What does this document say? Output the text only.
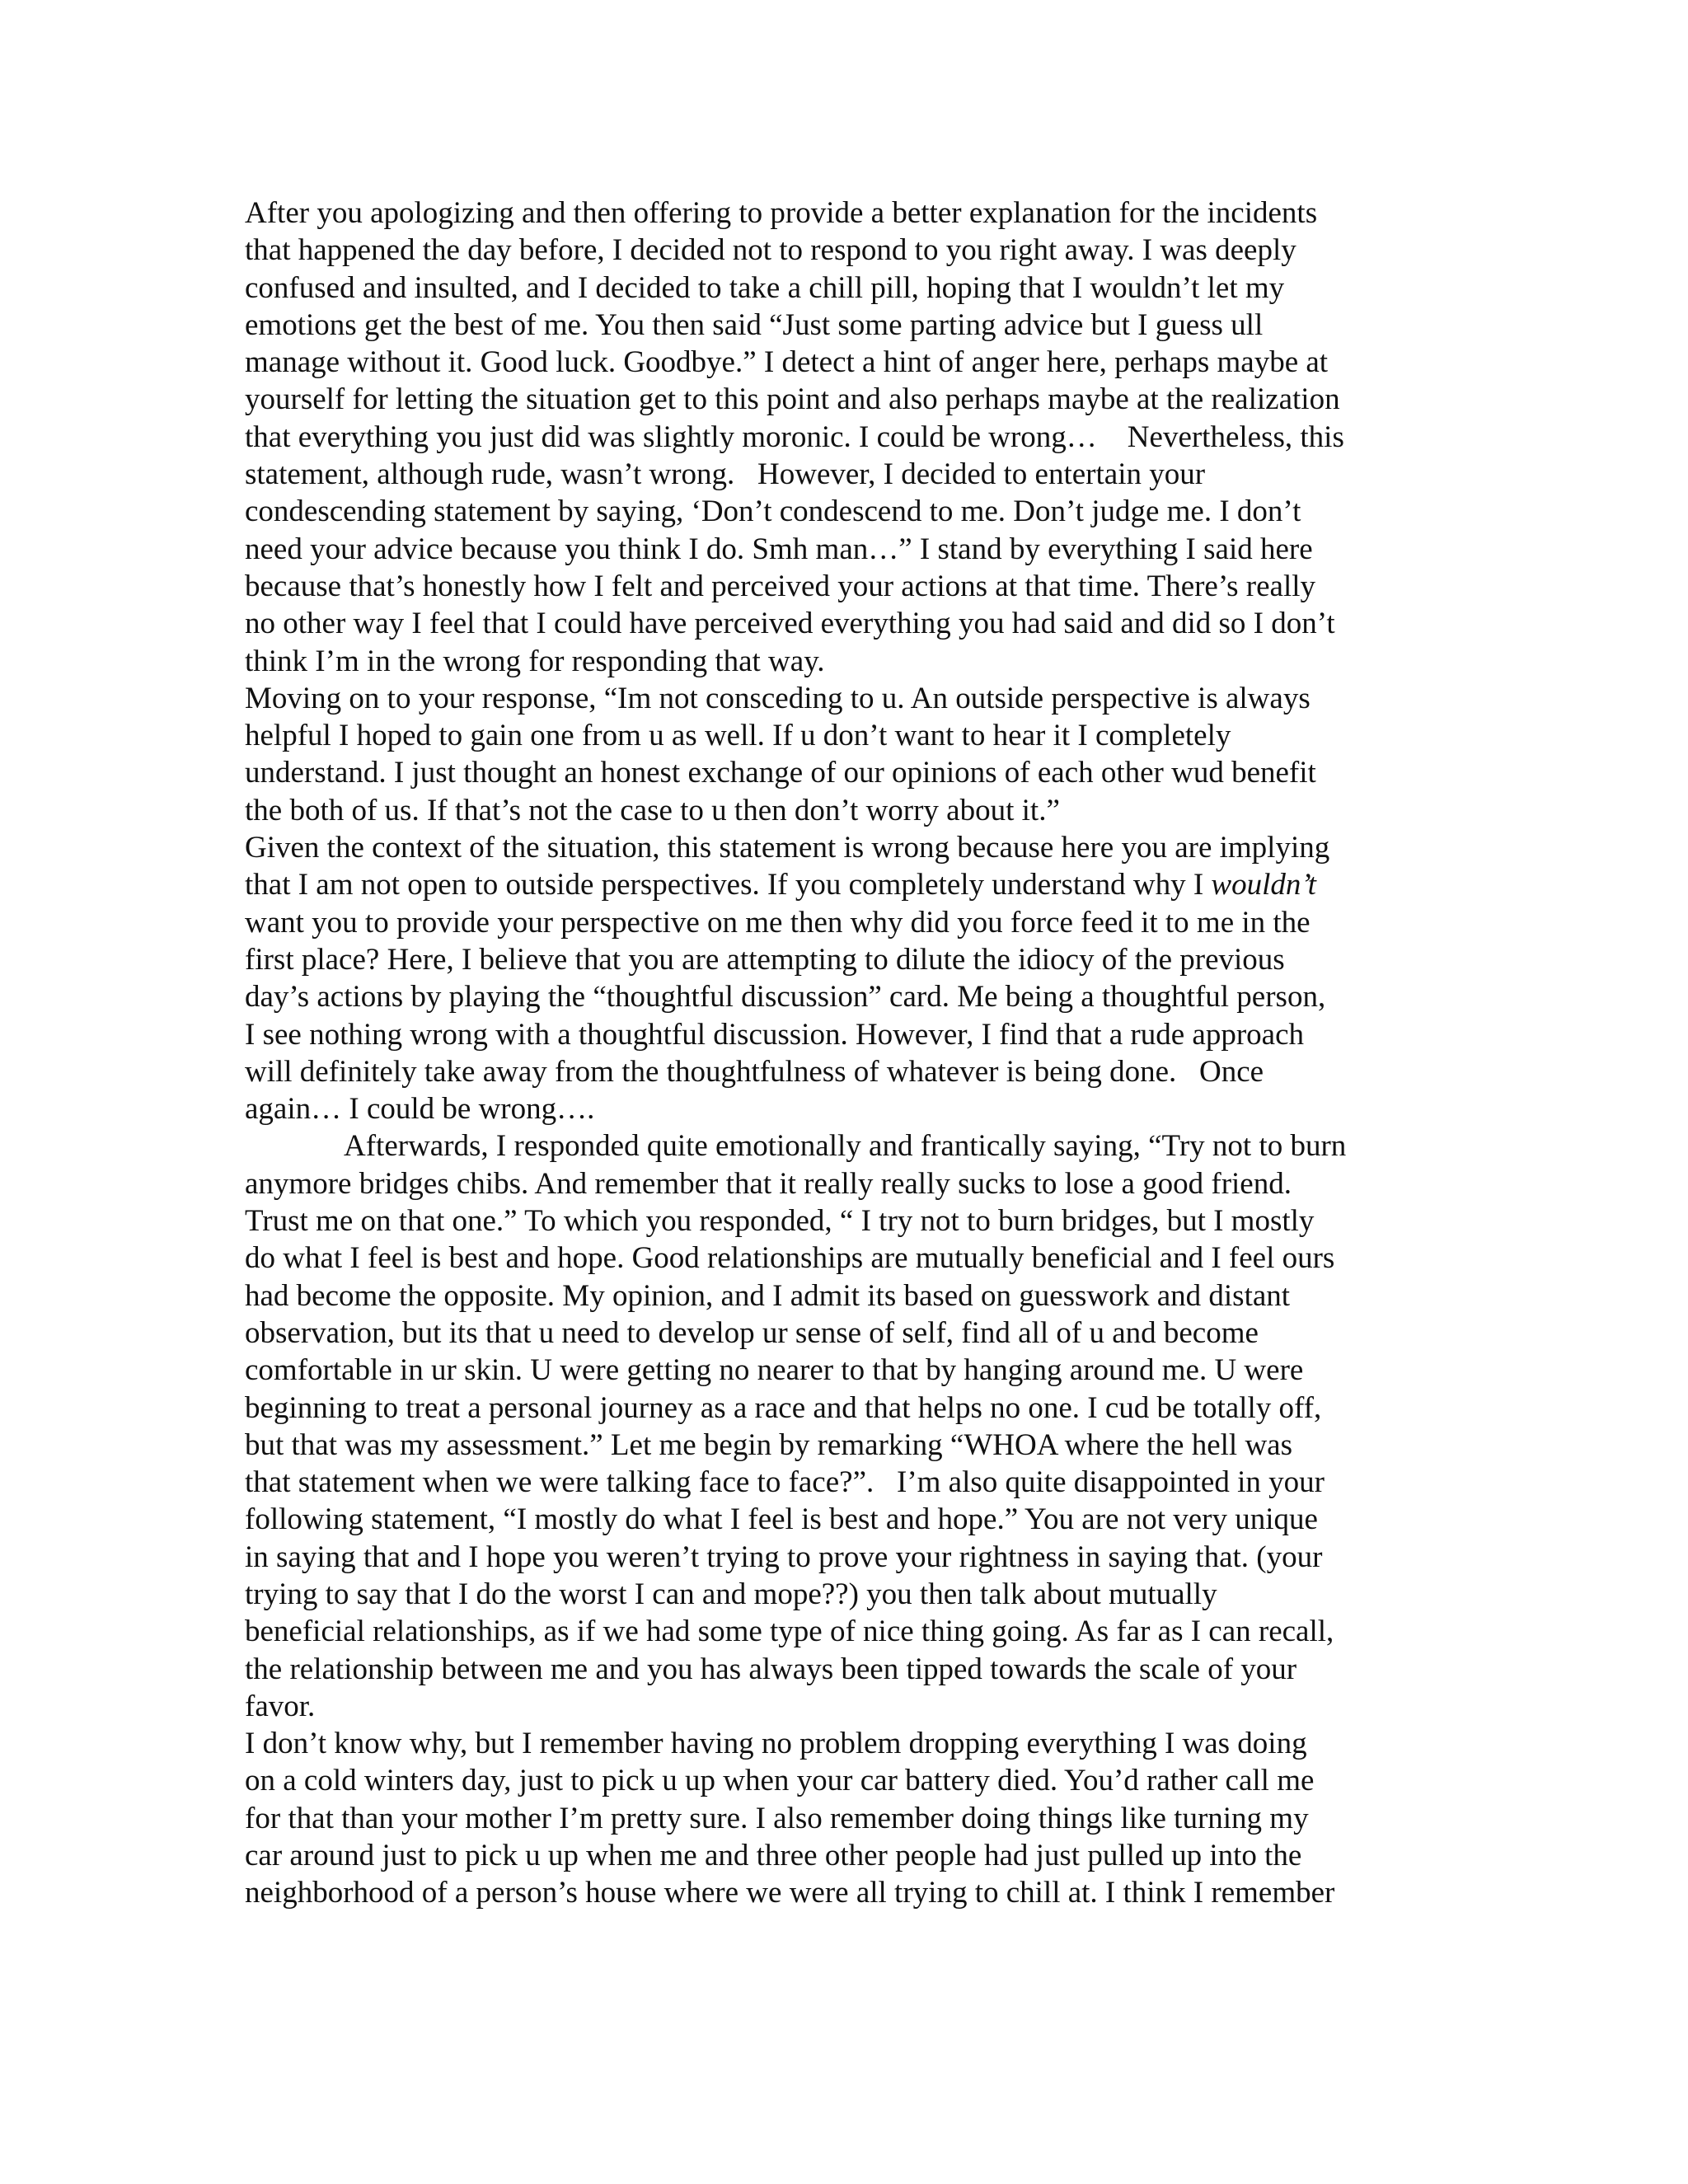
After you apologizing and then offering to provide a better explanation for the incidents
that happened the day before, I decided not to respond to you right away. I was deeply
confused and insulted, and I decided to take a chill pill, hoping that I wouldn’t let my
emotions get the best of me. You then said “Just some parting advice but I guess ull
manage without it. Good luck. Goodbye.” I detect a hint of anger here, perhaps maybe at
yourself for letting the situation get to this point and also perhaps maybe at the realization
that everything you just did was slightly moronic. I could be wrong…    Nevertheless, this
statement, although rude, wasn’t wrong.   However, I decided to entertain your
condescending statement by saying, ‘Don’t condescend to me. Don’t judge me. I don’t
need your advice because you think I do. Smh man…” I stand by everything I said here
because that’s honestly how I felt and perceived your actions at that time. There’s really
no other way I feel that I could have perceived everything you had said and did so I don’t
think I’m in the wrong for responding that way.
Moving on to your response, “Im not consceding to u. An outside perspective is always
helpful I hoped to gain one from u as well. If u don’t want to hear it I completely
understand. I just thought an honest exchange of our opinions of each other wud benefit
the both of us. If that’s not the case to u then don’t worry about it.”
Given the context of the situation, this statement is wrong because here you are implying
that I am not open to outside perspectives. If you completely understand why I wouldn’t
want you to provide your perspective on me then why did you force feed it to me in the
first place? Here, I believe that you are attempting to dilute the idiocy of the previous
day’s actions by playing the “thoughtful discussion” card. Me being a thoughtful person,
I see nothing wrong with a thoughtful discussion. However, I find that a rude approach
will definitely take away from the thoughtfulness of whatever is being done.   Once
again… I could be wrong….
Afterwards, I responded quite emotionally and frantically saying, “Try not to burn
anymore bridges chibs. And remember that it really really sucks to lose a good friend.
Trust me on that one.” To which you responded, “ I try not to burn bridges, but I mostly
do what I feel is best and hope. Good relationships are mutually beneficial and I feel ours
had become the opposite. My opinion, and I admit its based on guesswork and distant
observation, but its that u need to develop ur sense of self, find all of u and become
comfortable in ur skin. U were getting no nearer to that by hanging around me. U were
beginning to treat a personal journey as a race and that helps no one. I cud be totally off,
but that was my assessment.” Let me begin by remarking “WHOA where the hell was
that statement when we were talking face to face?”.   I’m also quite disappointed in your
following statement, “I mostly do what I feel is best and hope.” You are not very unique
in saying that and I hope you weren’t trying to prove your rightness in saying that. (your
trying to say that I do the worst I can and mope??) you then talk about mutually
beneficial relationships, as if we had some type of nice thing going. As far as I can recall,
the relationship between me and you has always been tipped towards the scale of your
favor.
I don’t know why, but I remember having no problem dropping everything I was doing
on a cold winters day, just to pick u up when your car battery died. You’d rather call me
for that than your mother I’m pretty sure. I also remember doing things like turning my
car around just to pick u up when me and three other people had just pulled up into the
neighborhood of a person’s house where we were all trying to chill at. I think I remember
